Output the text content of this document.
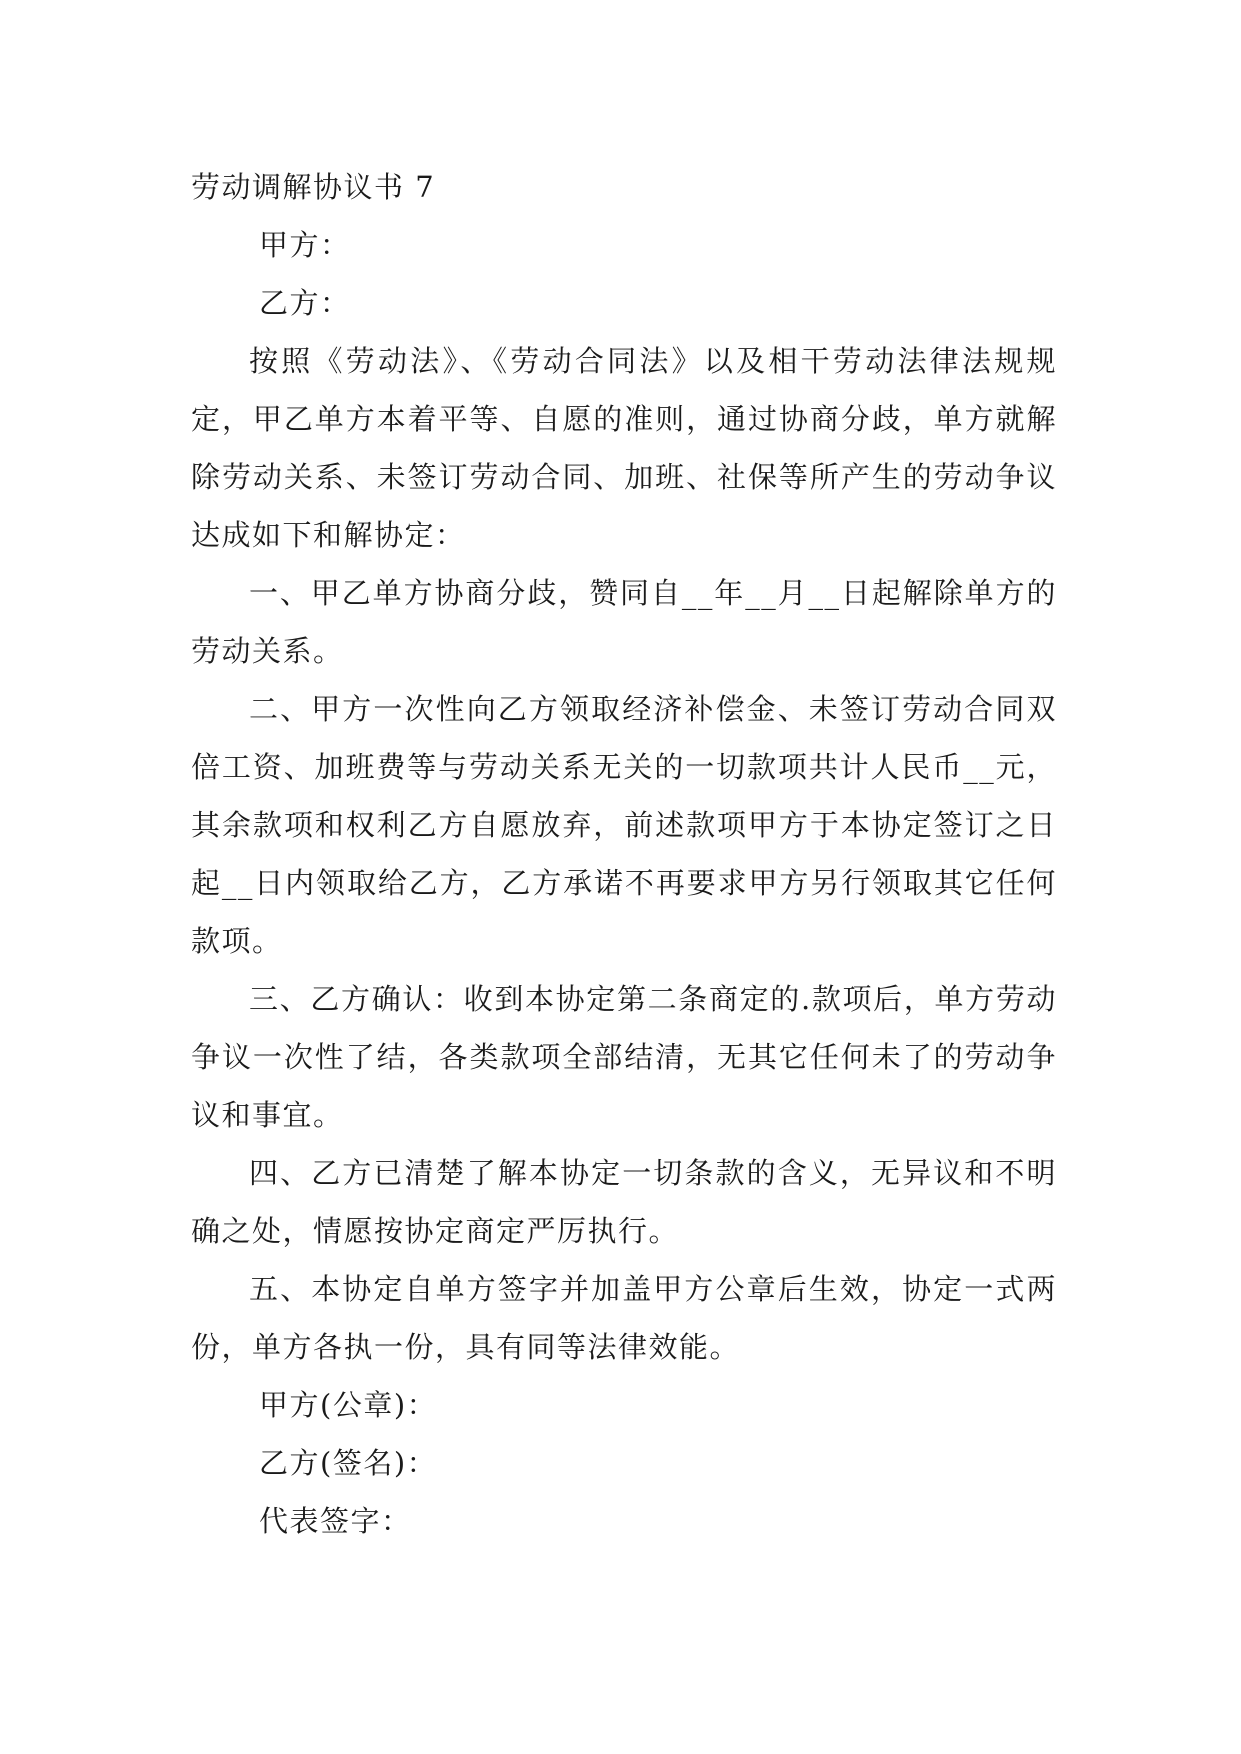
劳动调解协议书 7
甲方：
乙方：

按照《劳动法》、《劳动合同法》以及相干劳动法律法规规定，甲乙单方本着平等、自愿的准则，通过协商分歧，单方就解除劳动关系、未签订劳动合同、加班、社保等所产生的劳动争议达成如下和解协定：

一、甲乙单方协商分歧，赞同自__年__月__日起解除单方的劳动关系。

二、甲方一次性向乙方领取经济补偿金、未签订劳动合同双倍工资、加班费等与劳动关系无关的一切款项共计人民币__元，其余款项和权利乙方自愿放弃，前述款项甲方于本协定签订之日起__日内领取给乙方，乙方承诺不再要求甲方另行领取其它任何款项。

三、乙方确认：收到本协定第二条商定的.款项后，单方劳动争议一次性了结，各类款项全部结清，无其它任何未了的劳动争议和事宜。

四、乙方已清楚了解本协定一切条款的含义，无异议和不明确之处，情愿按协定商定严厉执行。

五、本协定自单方签字并加盖甲方公章后生效，协定一式两份，单方各执一份，具有同等法律效能。

甲方(公章)：
乙方(签名)：
代表签字：
